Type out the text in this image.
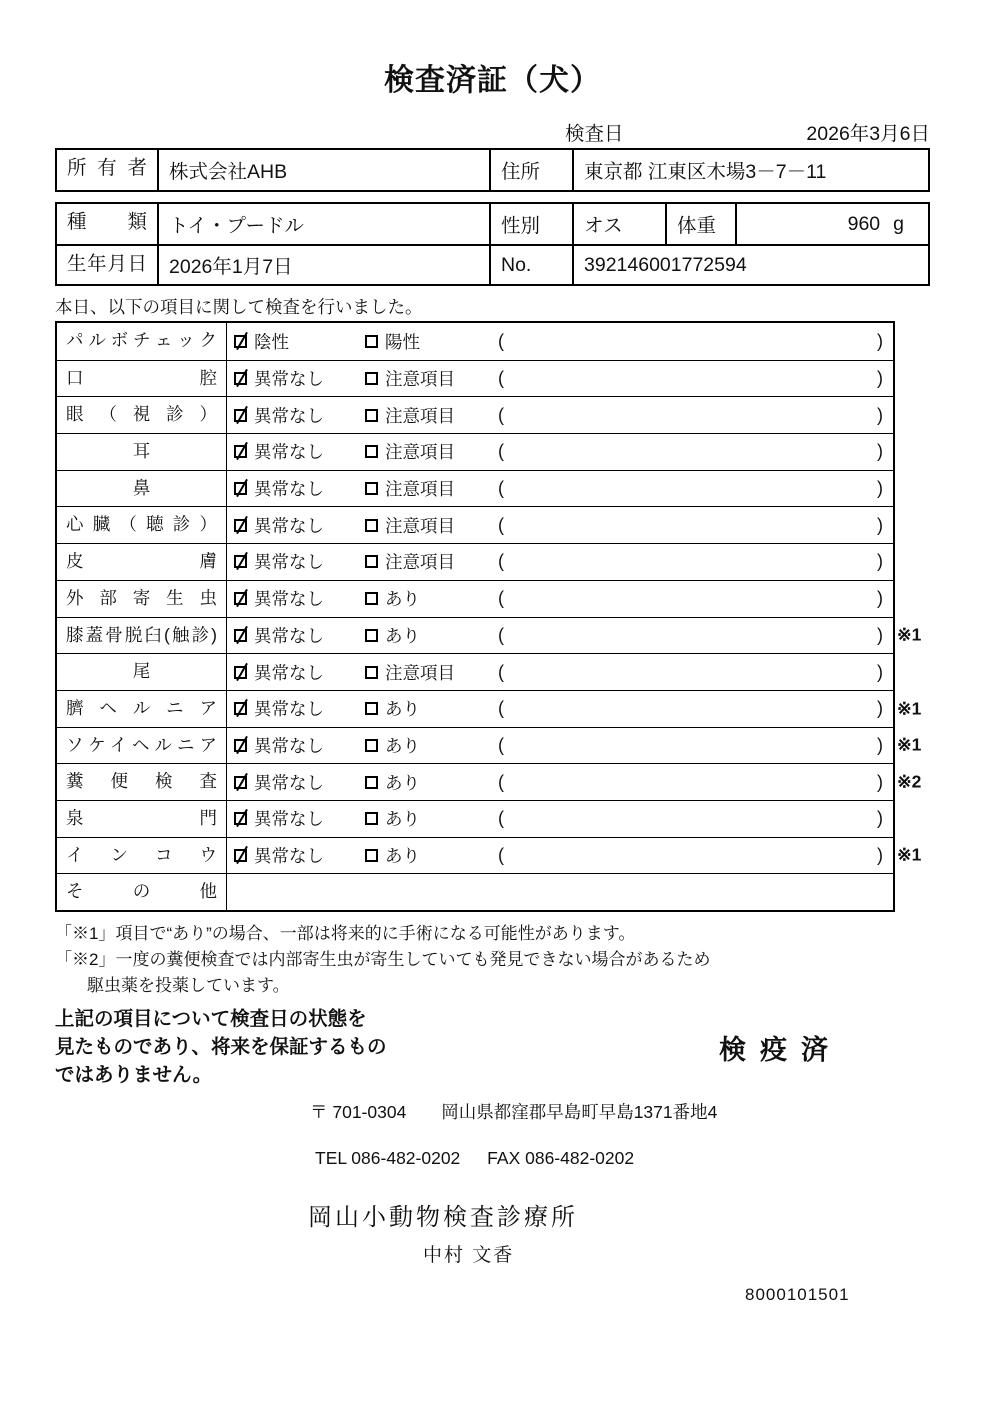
検査済証（犬）
検査日	2026年3月6日
所有者	株式会社AHB	住所	東京都 江東区木場3－7－11
種類	トイ・プードル	性別	オス	体重	960 g
生年月日	2026年1月7日	No.	392146001772594

本日、以下の項目に関して検査を行いました。

パルボチェック	陰性	陽性	(	)
口腔	異常なし	注意項目 (	)
眼（視診）	異常なし	注意項目 (	)
耳	異常なし	注意項目 (	)
鼻	異常なし	注意項目 (	)
心臓（聴診）	異常なし	注意項目 (	)
皮膚	異常なし	注意項目 (	)
外部寄生虫	異常なし	あり	(	)
膝蓋骨脱臼(触診)	異常なし	あり	(	) ※1
尾	異常なし	注意項目 (	)
臍ヘルニア	異常なし	あり	(	) ※1
ソケイヘルニア	異常なし	あり	(	) ※1
糞便検査	異常なし	あり	(	) ※2
泉門	異常なし	あり	(	)
インコウ	異常なし	あり	(	) ※1
その他

「※1」項目で“あり”の場合、一部は将来的に手術になる可能性があります。

「※2」一度の糞便検査では内部寄生虫が寄生していても発見できない場合があるため

駆虫薬を投薬しています。

上記の項目について検査日の状態を

見たものであり、将来を保証するもの

ではありません。

検疫済

〒 701-0304 岡山県都窪郡早島町早島1371番地4

TEL 086-482-0202 FAX 086-482-0202

岡山小動物検査診療所

中村 文香

8000101501
